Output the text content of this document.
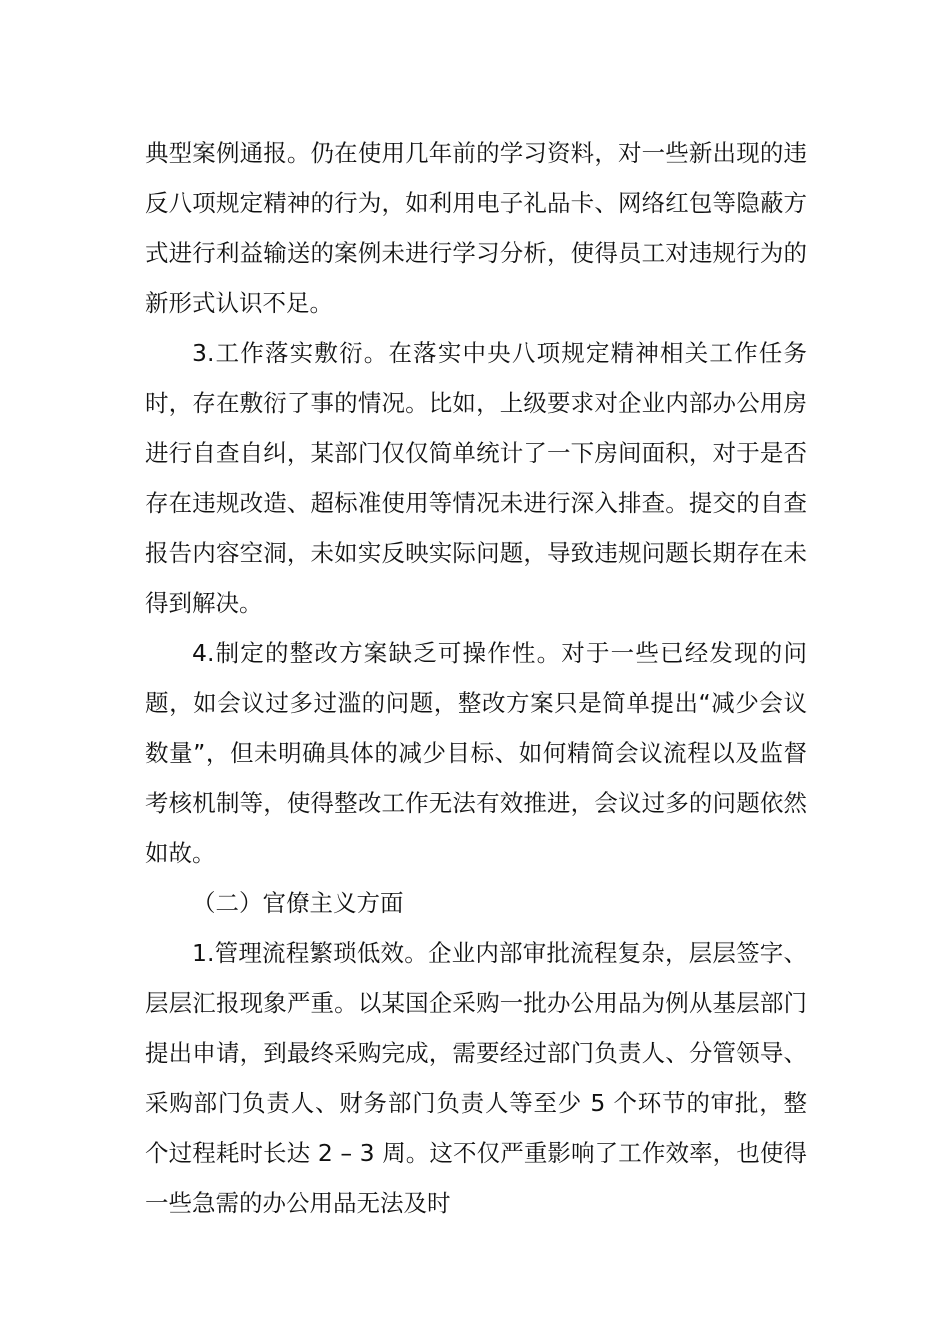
典型案例通报。仍在使用几年前的学习资料，对一些新出现的违反八项规定精神的行为，如利用电子礼品卡、网络红包等隐蔽方式进行利益输送的案例未进行学习分析，使得员工对违规行为的新形式认识不足。

3.工作落实敷衍。在落实中央八项规定精神相关工作任务时，存在敷衍了事的情况。比如，上级要求对企业内部办公用房进行自查自纠，某部门仅仅简单统计了一下房间面积，对于是否存在违规改造、超标准使用等情况未进行深入排查。提交的自查报告内容空洞，未如实反映实际问题，导致违规问题长期存在未得到解决。

4.制定的整改方案缺乏可操作性。对于一些已经发现的问题，如会议过多过滥的问题，整改方案只是简单提出“减少会议数量”，但未明确具体的减少目标、如何精简会议流程以及监督考核机制等，使得整改工作无法有效推进，会议过多的问题依然如故。

（二）官僚主义方面

1.管理流程繁琐低效。企业内部审批流程复杂，层层签字、层层汇报现象严重。以某国企采购一批办公用品为例从基层部门提出申请，到最终采购完成，需要经过部门负责人、分管领导、采购部门负责人、财务部门负责人等至少 5 个环节的审批，整个过程耗时长达 2 – 3 周。这不仅严重影响了工作效率，也使得一些急需的办公用品无法及时
